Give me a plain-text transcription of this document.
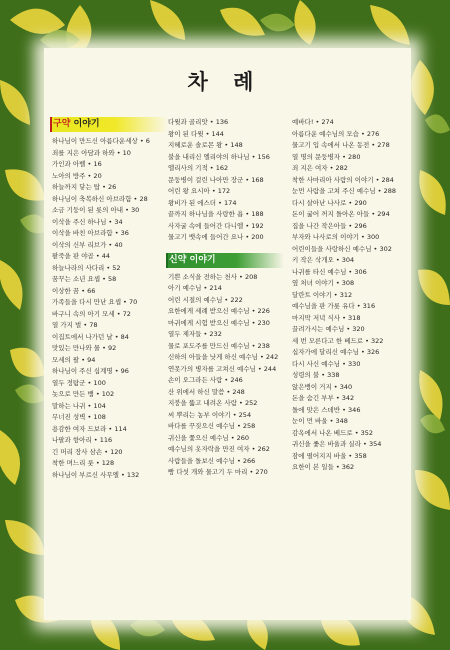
차 례
구약 이야기
하나님이 만드신 아름다운세상 • 6
죄를 지은 아담과 하와 • 10
가인과 아벨 • 16
노아의 방주 • 20
하늘까지 닿는 탑 • 26
하나님이 축복하신 아브라함 • 28
소금 기둥이 된 롯의 아내 • 30
이삭을 주신 하나님 • 34
이삭을 바친 아브라함 • 36
이삭의 신부 리브가 • 40
팥죽을 판 야곱 • 44
하늘나라의 사다리 • 52
꿈꾸는 소년 요셉 • 58
이상한 꿈 • 66
가족들을 다시 만난 요셉 • 70
바구니 속의 아기 모세 • 72
열 가지 벌 • 78
이집트에서 나가던 날 • 84
맛있는 만나와 물 • 92
모세의 팔 • 94
하나님이 주신 십계명 • 96
열두 정탐군 • 100
놋으로 만든 뱀 • 102
말하는 나귀 • 104
무너진 성벽 • 108
용감한 여자 드보라 • 114
나팔과 항아리 • 116
긴 머리 장사 삼손 • 120
착한 며느리 룻 • 128
하나님이 부르신 사무엘 • 132
다윗과 골리앗 • 136
왕이 된 다윗 • 144
지혜로운 솔로몬 왕 • 148
불을 내리신 엘리야의 하나님 • 156
엘리사의 기적 • 162
문둥병이 걸린 나아만 장군 • 168
어린 왕 요시아 • 172
왕비가 된 에스더 • 174
끝까지 하나님을 사랑한 욥 • 188
사자굴 속에 들어간 다니엘 • 192
물고기 뱃속에 들어간 요나 • 200
신약 이야기
기쁜 소식을 전하는 천사 • 208
아기 예수님 • 214
어린 시절의 예수님 • 222
요한에게 세례 받으신 예수님 • 226
마귀에게 시험 받으신 예수님 • 230
열두 제자들 • 232
물로 포도주를 만드신 예수님 • 238
신하의 아들을 낫게 하신 예수님 • 242
연못가의 병자를 고쳐신 예수님 • 244
손이 오그라든 사람 • 246
산 위에서 하신 말씀 • 248
지붕을 뚫고 내려온 사람 • 252
씨 뿌리는 농부 이야기 • 254
바다를 꾸짖으신 예수님 • 258
귀신을 쫓으신 예수님 • 260
예수님의 옷자락을 만진 여자 • 262
사람들을 돌보신 예수님 • 266
빵 다섯 개와 물고기 두 마리 • 270
예바다! • 274
아름다운 예수님의 모습 • 276
물고기 입 속에서 나온 동전 • 278
열 명의 문둥병자 • 280
죄 지은 여자 • 282
착한 사마리아 사람의 이야기 • 284
눈먼 사람을 고쳐 주신 예수님 • 288
다시 살아난 나사로 • 290
돈이 굶어 꺼지 돌아온 아들 • 294
집을 나간 작은아들 • 296
부자와 나사로의 이야기 • 300
어린이들을 사랑하신 예수님 • 302
키 작은 삭개오 • 304
나귀를 타신 예수님 • 306
옆 처녀 이야기 • 308
달란트 이야기 • 312
예수님을 판 가룟 유다 • 316
마지막 저녁 식사 • 318
끌려가시는 예수님 • 320
세 번 모른다고 한 베드로 • 322
십자가에 달리신 예수님 • 326
다시 사신 예수님 • 330
성령의 불 • 338
앉은뱅이 거지 • 340
돈을 숨긴 부부 • 342
돌에 맞은 스데반 • 346
눈이 먼 바울 • 348
감옥에서 나온 베드로 • 352
귀신을 좇은 바울과 실라 • 354
잠에 떨어지지 바울 • 358
요한이 본 일들 • 362
